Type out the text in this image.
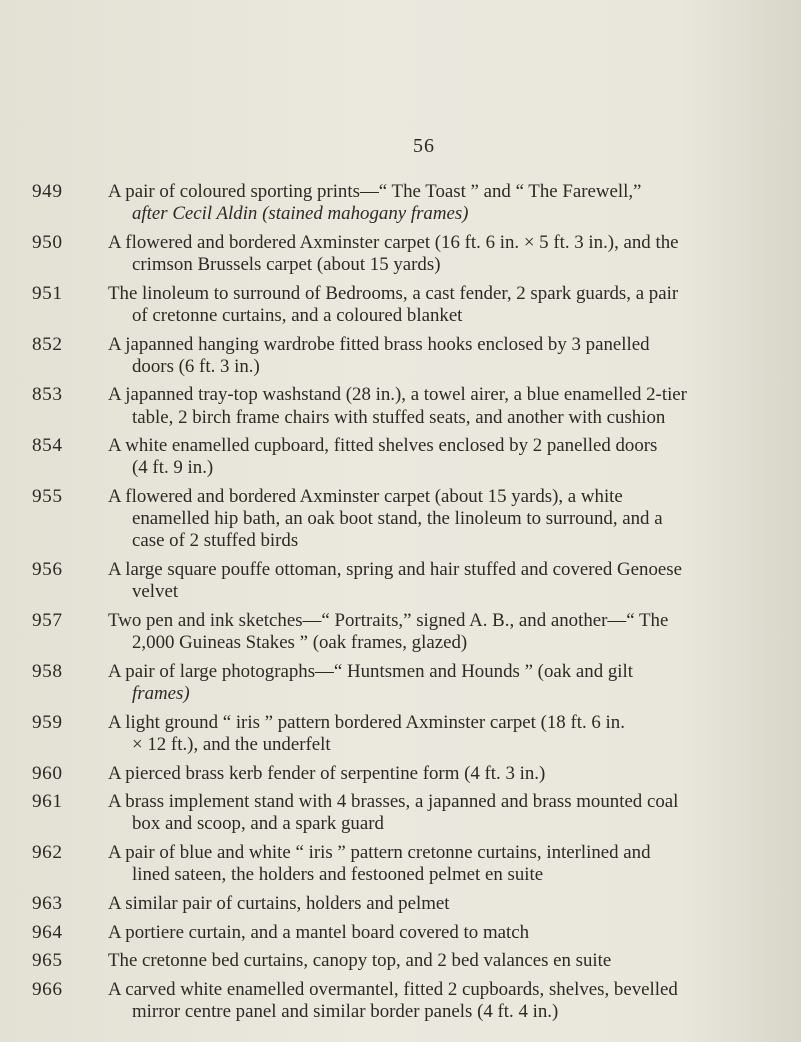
56
949	A pair of coloured sporting prints—“ The Toast ” and “ The Farewell,”
after Cecil Aldin (stained mahogany frames)
950	A flowered and bordered Axminster carpet (16 ft. 6 in. × 5 ft. 3 in.), and the
crimson Brussels carpet (about 15 yards)
951	The linoleum to surround of Bedrooms, a cast fender, 2 spark guards, a pair
of cretonne curtains, and a coloured blanket
852	A japanned hanging wardrobe fitted brass hooks enclosed by 3 panelled
doors (6 ft. 3 in.)
853	A japanned tray-top washstand (28 in.), a towel airer, a blue enamelled 2-tier
table, 2 birch frame chairs with stuffed seats, and another with cushion
854	A white enamelled cupboard, fitted shelves enclosed by 2 panelled doors
(4 ft. 9 in.)
955	A flowered and bordered Axminster carpet (about 15 yards), a white
enamelled hip bath, an oak boot stand, the linoleum to surround, and a
case of 2 stuffed birds
956	A large square pouffe ottoman, spring and hair stuffed and covered Genoese
velvet
957	Two pen and ink sketches—“ Portraits,” signed A. B., and another—“ The
2,000 Guineas Stakes ” (oak frames, glazed)
958	A pair of large photographs—“ Huntsmen and Hounds ” (oak and gilt
frames)
959	A light ground “ iris ” pattern bordered Axminster carpet (18 ft. 6 in.
× 12 ft.), and the underfelt
960	A pierced brass kerb fender of serpentine form (4 ft. 3 in.)
961	A brass implement stand with 4 brasses, a japanned and brass mounted coal
box and scoop, and a spark guard
962	A pair of blue and white “ iris ” pattern cretonne curtains, interlined and
lined sateen, the holders and festooned pelmet en suite
963	A similar pair of curtains, holders and pelmet
964	A portiere curtain, and a mantel board covered to match
965	The cretonne bed curtains, canopy top, and 2 bed valances en suite
966	A carved white enamelled overmantel, fitted 2 cupboards, shelves, bevelled
mirror centre panel and similar border panels (4 ft. 4 in.)
